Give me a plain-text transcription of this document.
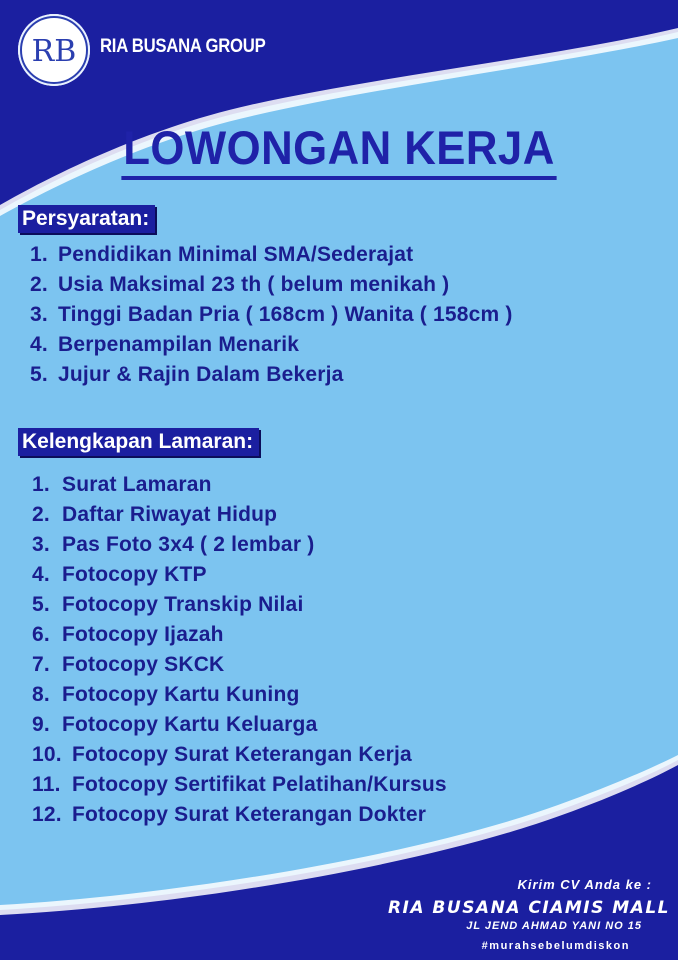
RB RIA BUSANA GROUP
LOWONGAN KERJA
Persyaratan:
1. Pendidikan Minimal SMA/Sederajat
2. Usia Maksimal 23 th ( belum menikah )
3. Tinggi Badan Pria ( 168cm ) Wanita ( 158cm )
4. Berpenampilan Menarik
5. Jujur & Rajin Dalam Bekerja
Kelengkapan Lamaran:
1. Surat Lamaran
2. Daftar Riwayat Hidup
3. Pas Foto 3x4 ( 2 lembar )
4. Fotocopy KTP
5. Fotocopy Transkip Nilai
6. Fotocopy Ijazah
7. Fotocopy SKCK
8. Fotocopy Kartu Kuning
9. Fotocopy Kartu Keluarga
10. Fotocopy Surat Keterangan Kerja
11. Fotocopy Sertifikat Pelatihan/Kursus
12. Fotocopy Surat Keterangan Dokter
Kirim CV Anda ke :
RIA BUSANA CIAMIS MALL
JL JEND AHMAD YANI NO 15
#murahsebelumdiskon
